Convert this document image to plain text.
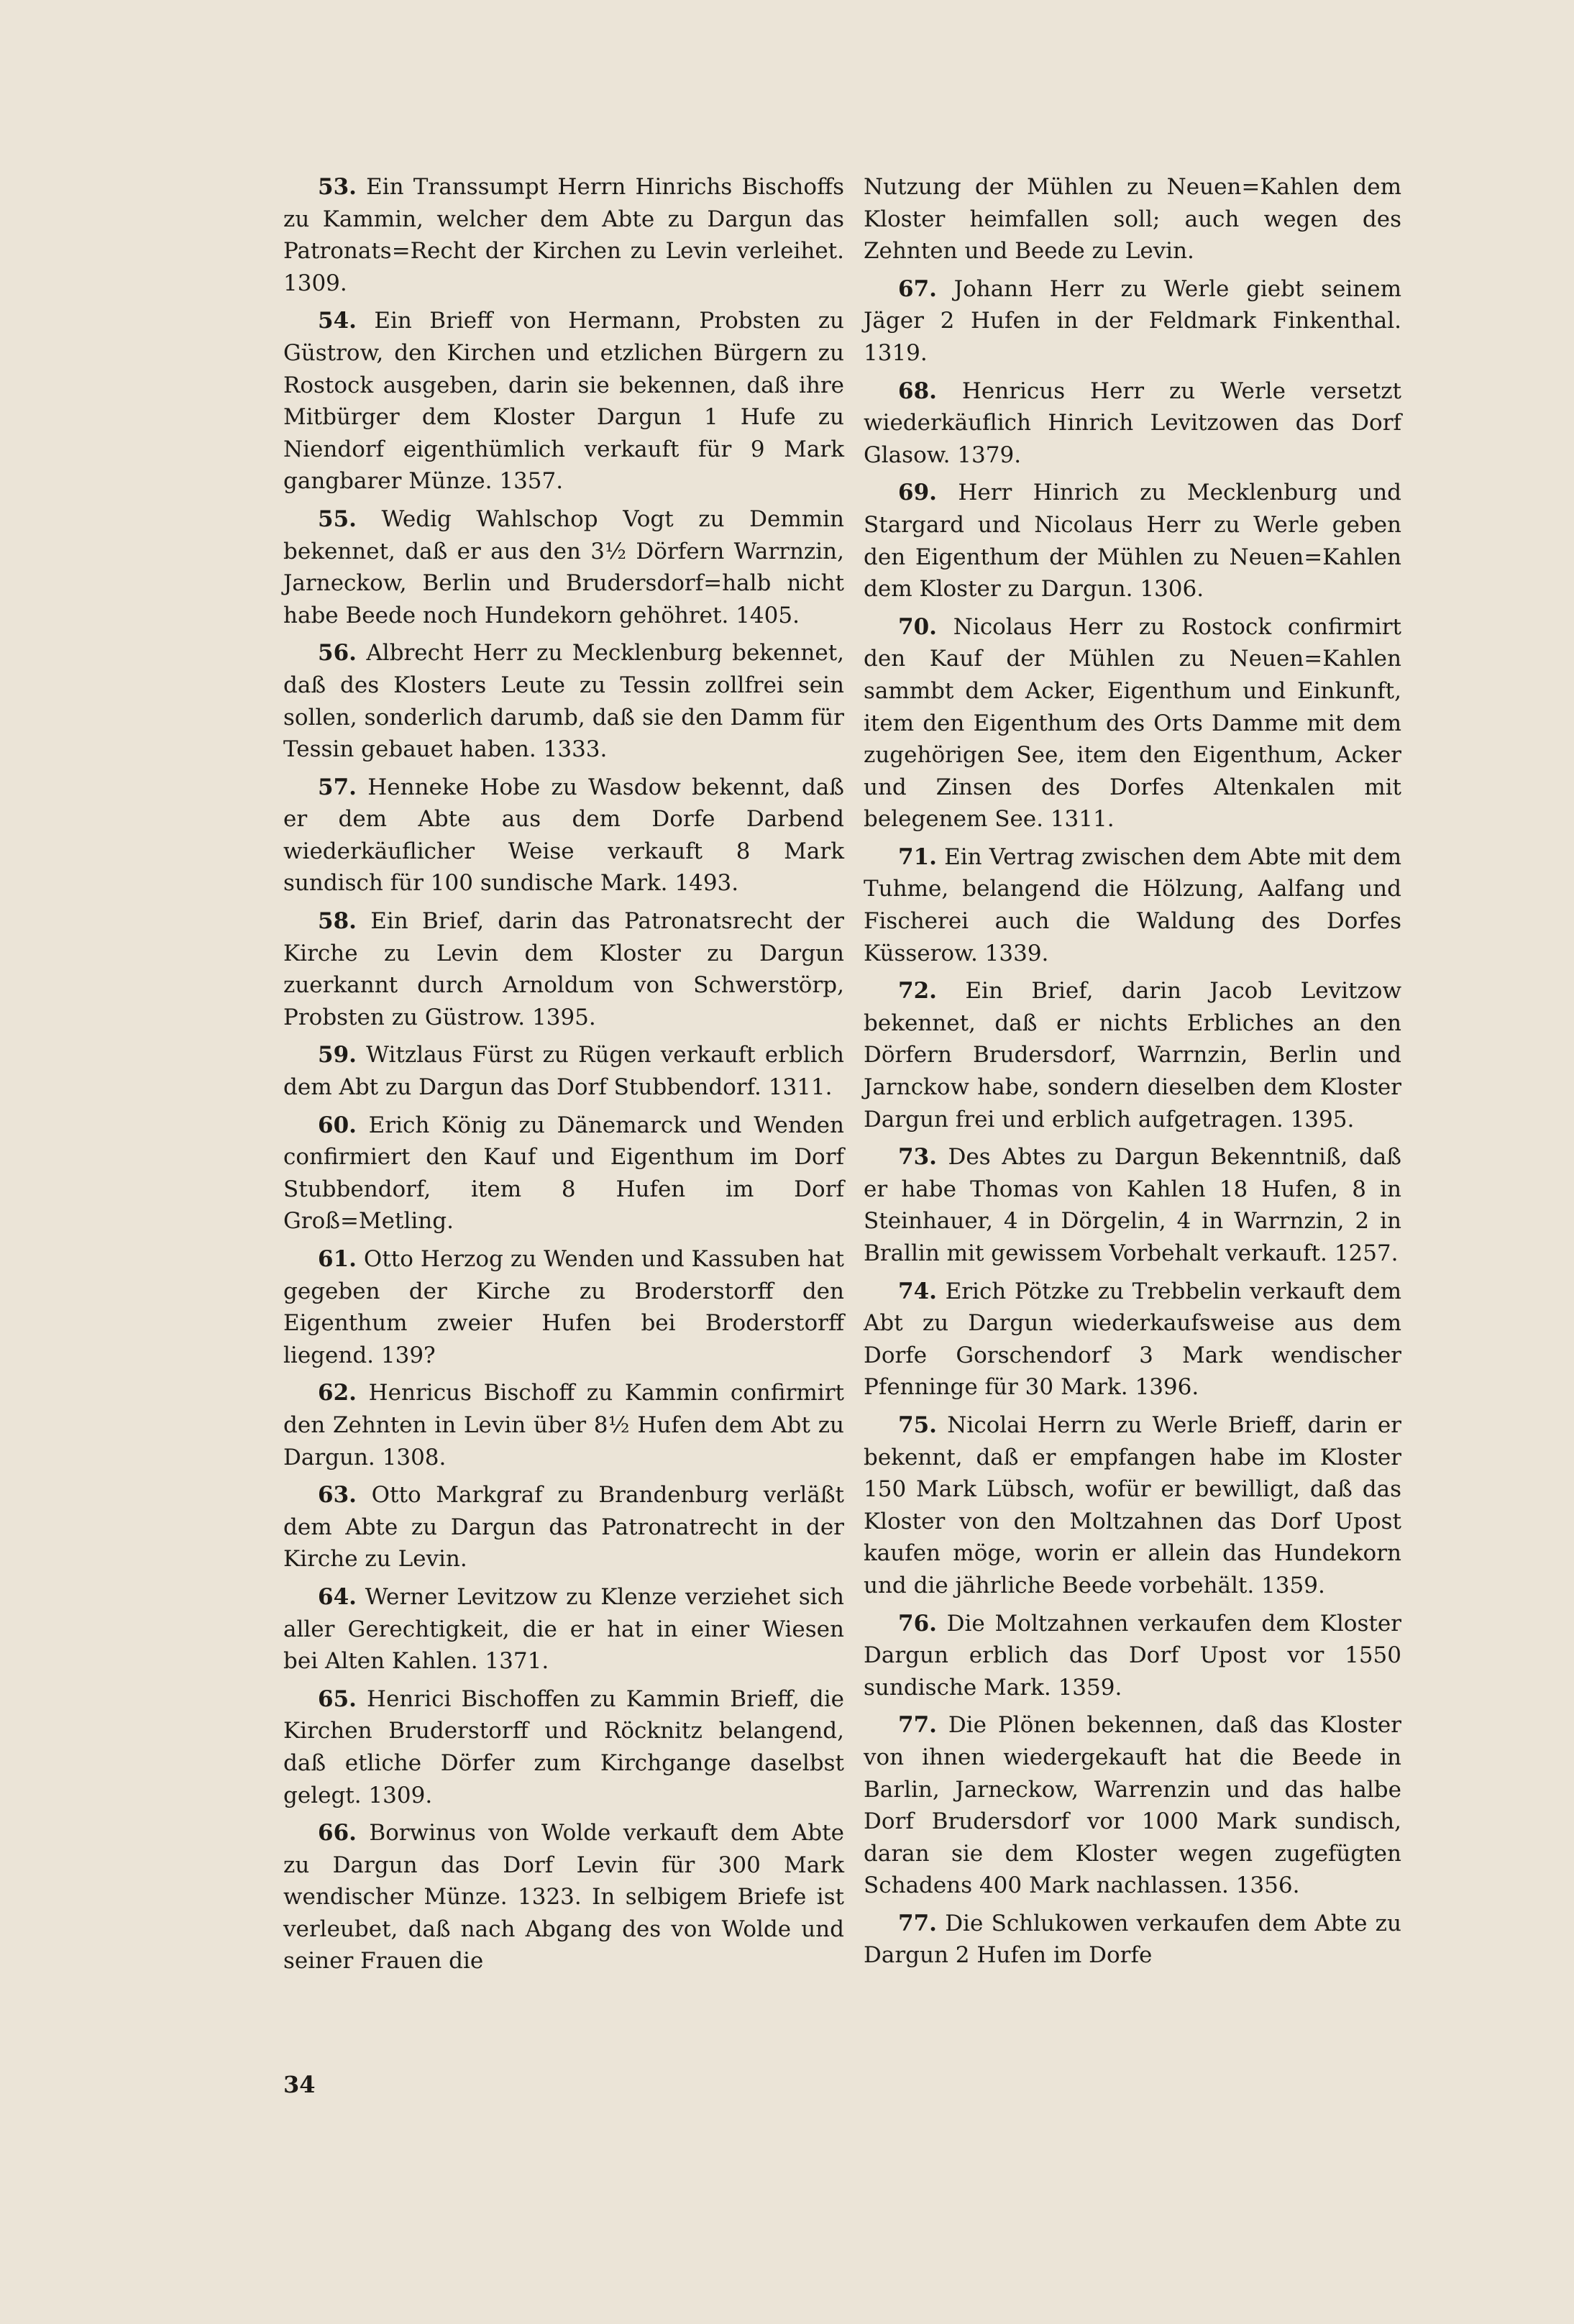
53. Ein Transsumpt Herrn Hinrichs Bischoffs zu Kammin, welcher dem Abte zu Dargun das Patronats=Recht der Kirchen zu Levin verleihet. 1309.

54. Ein Brieff von Hermann, Probsten zu Güstrow, den Kirchen und etzlichen Bürgern zu Rostock ausgeben, darin sie bekennen, daß ihre Mitbürger dem Kloster Dargun 1 Hufe zu Niendorf eigenthümlich verkauft für 9 Mark gangbarer Münze. 1357.

55. Wedig Wahlschop Vogt zu Demmin bekennet, daß er aus den 3½ Dörfern Warrnzin, Jarneckow, Berlin und Brudersdorf=halb nicht habe Beede noch Hundekorn gehöhret. 1405.

56. Albrecht Herr zu Mecklenburg bekennet, daß des Klosters Leute zu Tessin zollfrei sein sollen, sonderlich darumb, daß sie den Damm für Tessin gebauet haben. 1333.

57. Henneke Hobe zu Wasdow bekennt, daß er dem Abte aus dem Dorfe Darbend wiederkäuflicher Weise verkauft 8 Mark sundisch für 100 sundische Mark. 1493.

58. Ein Brief, darin das Patronatsrecht der Kirche zu Levin dem Kloster zu Dargun zuerkannt durch Arnoldum von Schwerstörp, Probsten zu Güstrow. 1395.

59. Witzlaus Fürst zu Rügen verkauft erblich dem Abt zu Dargun das Dorf Stubbendorf. 1311.

60. Erich König zu Dänemarck und Wenden confirmiert den Kauf und Eigenthum im Dorf Stubbendorf, item 8 Hufen im Dorf Groß=Metling.

61. Otto Herzog zu Wenden und Kassuben hat gegeben der Kirche zu Broderstorff den Eigenthum zweier Hufen bei Broderstorff liegend. 139?

62. Henricus Bischoff zu Kammin confirmirt den Zehnten in Levin über 8½ Hufen dem Abt zu Dargun. 1308.

63. Otto Markgraf zu Brandenburg verläßt dem Abte zu Dargun das Patronatrecht in der Kirche zu Levin.

64. Werner Levitzow zu Klenze verziehet sich aller Gerechtigkeit, die er hat in einer Wiesen bei Alten Kahlen. 1371.

65. Henrici Bischoffen zu Kammin Brieff, die Kirchen Bruderstorff und Röcknitz belangend, daß etliche Dörfer zum Kirchgange daselbst gelegt. 1309.

66. Borwinus von Wolde verkauft dem Abte zu Dargun das Dorf Levin für 300 Mark wendischer Münze. 1323. In selbigem Briefe ist verleubet, daß nach Abgang des von Wolde und seiner Frauen die

Nutzung der Mühlen zu Neuen=Kahlen dem Kloster heimfallen soll; auch wegen des Zehnten und Beede zu Levin.

67. Johann Herr zu Werle giebt seinem Jäger 2 Hufen in der Feldmark Finkenthal. 1319.

68. Henricus Herr zu Werle versetzt wiederkäuflich Hinrich Levitzowen das Dorf Glasow. 1379.

69. Herr Hinrich zu Mecklenburg und Stargard und Nicolaus Herr zu Werle geben den Eigenthum der Mühlen zu Neuen=Kahlen dem Kloster zu Dargun. 1306.

70. Nicolaus Herr zu Rostock confirmirt den Kauf der Mühlen zu Neuen=Kahlen sammbt dem Acker, Eigenthum und Einkunft, item den Eigenthum des Orts Damme mit dem zugehörigen See, item den Eigenthum, Acker und Zinsen des Dorfes Altenkalen mit belegenem See. 1311.

71. Ein Vertrag zwischen dem Abte mit dem Tuhme, belangend die Hölzung, Aalfang und Fischerei auch die Waldung des Dorfes Küsserow. 1339.

72. Ein Brief, darin Jacob Levitzow bekennet, daß er nichts Erbliches an den Dörfern Brudersdorf, Warrnzin, Berlin und Jarnckow habe, sondern dieselben dem Kloster Dargun frei und erblich aufgetragen. 1395.

73. Des Abtes zu Dargun Bekenntniß, daß er habe Thomas von Kahlen 18 Hufen, 8 in Steinhauer, 4 in Dörgelin, 4 in Warrnzin, 2 in Brallin mit gewissem Vorbehalt verkauft. 1257.

74. Erich Pötzke zu Trebbelin verkauft dem Abt zu Dargun wiederkaufsweise aus dem Dorfe Gorschendorf 3 Mark wendischer Pfenninge für 30 Mark. 1396.

75. Nicolai Herrn zu Werle Brieff, darin er bekennt, daß er empfangen habe im Kloster 150 Mark Lübsch, wofür er bewilligt, daß das Kloster von den Moltzahnen das Dorf Upost kaufen möge, worin er allein das Hundekorn und die jährliche Beede vorbehält. 1359.

76. Die Moltzahnen verkaufen dem Kloster Dargun erblich das Dorf Upost vor 1550 sundische Mark. 1359.

77. Die Plönen bekennen, daß das Kloster von ihnen wiedergekauft hat die Beede in Barlin, Jarneckow, Warrenzin und das halbe Dorf Brudersdorf vor 1000 Mark sundisch, daran sie dem Kloster wegen zugefügten Schadens 400 Mark nachlassen. 1356.

77. Die Schlukowen verkaufen dem Abte zu Dargun 2 Hufen im Dorfe

34
